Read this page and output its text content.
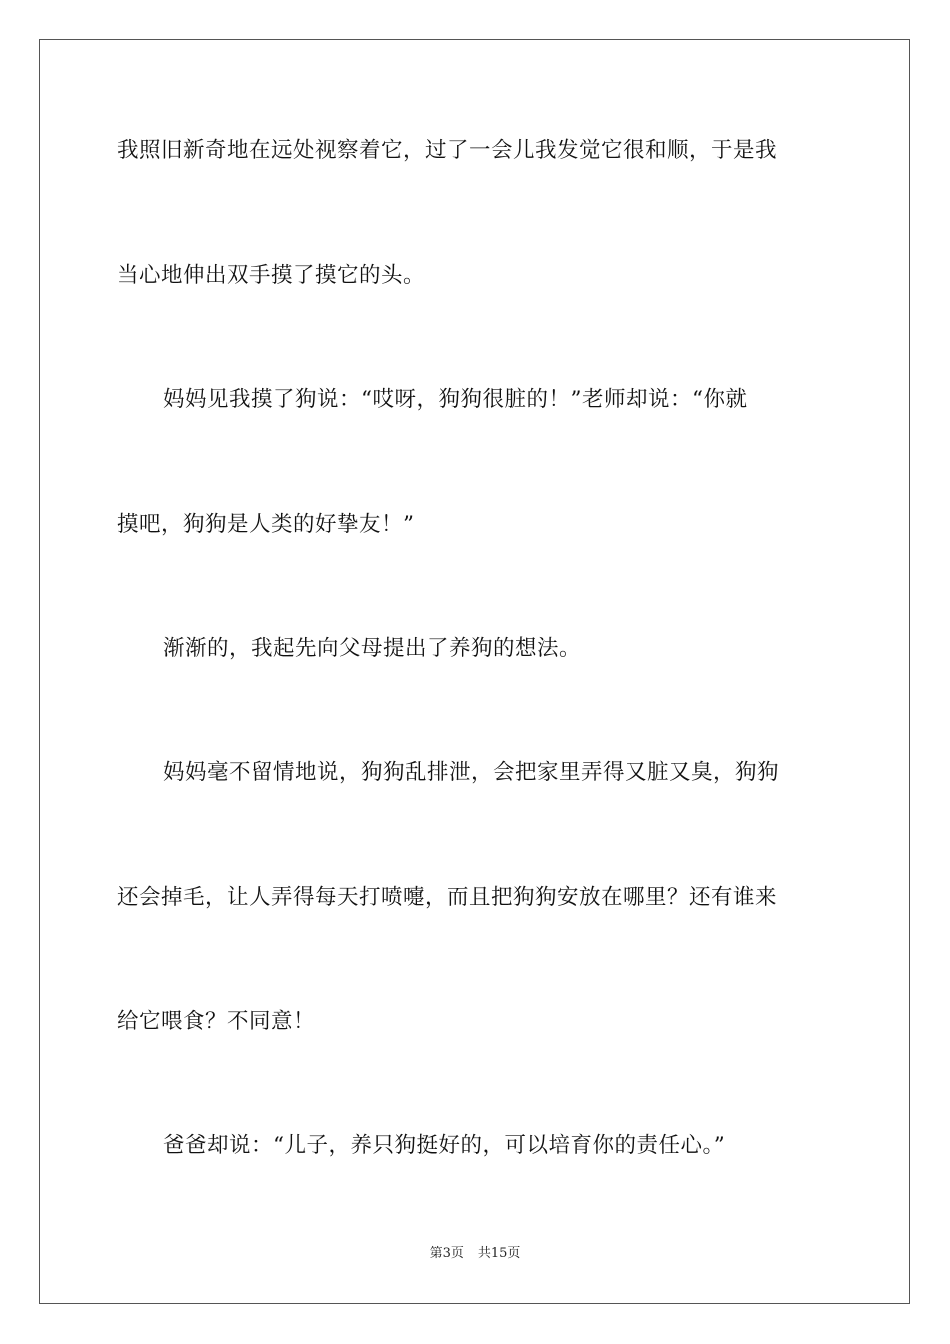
我照旧新奇地在远处视察着它，过了一会儿我发觉它很和顺，于是我
当心地伸出双手摸了摸它的头。
妈妈见我摸了狗说：“哎呀，狗狗很脏的！”老师却说：“你就
摸吧，狗狗是人类的好挚友！”
渐渐的，我起先向父母提出了养狗的想法。
妈妈毫不留情地说，狗狗乱排泄，会把家里弄得又脏又臭，狗狗
还会掉毛，让人弄得每天打喷嚏，而且把狗狗安放在哪里？还有谁来
给它喂食？不同意！
爸爸却说：“儿子，养只狗挺好的，可以培育你的责任心。”
第3页 共15页
